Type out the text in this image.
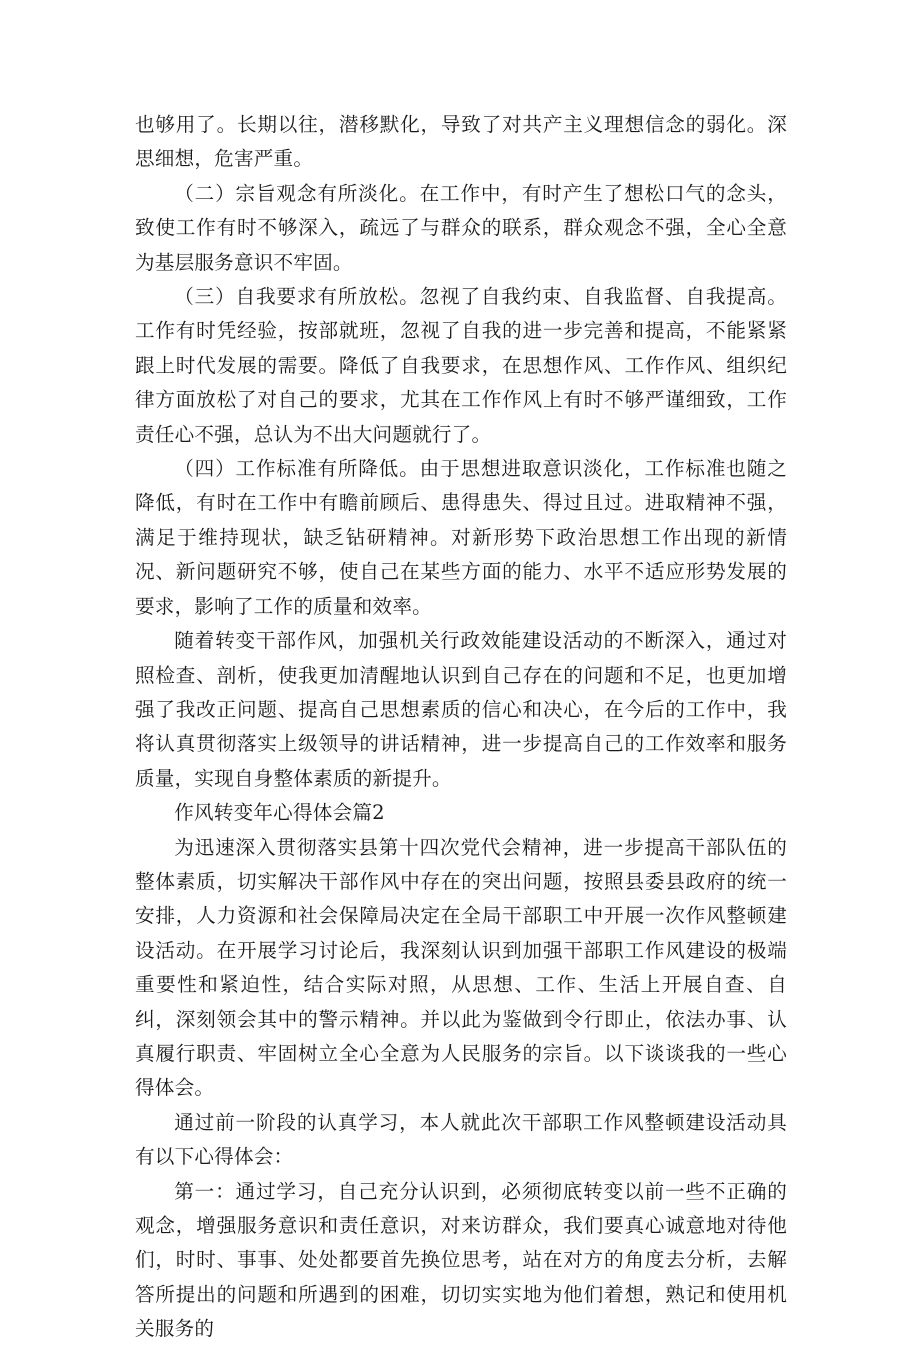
也够用了。长期以往，潜移默化，导致了对共产主义理想信念的弱化。深思细想，危害严重。

（二）宗旨观念有所淡化。在工作中，有时产生了想松口气的念头，致使工作有时不够深入，疏远了与群众的联系，群众观念不强，全心全意为基层服务意识不牢固。

（三）自我要求有所放松。忽视了自我约束、自我监督、自我提高。工作有时凭经验，按部就班，忽视了自我的进一步完善和提高，不能紧紧跟上时代发展的需要。降低了自我要求，在思想作风、工作作风、组织纪律方面放松了对自己的要求，尤其在工作作风上有时不够严谨细致，工作责任心不强，总认为不出大问题就行了。

（四）工作标准有所降低。由于思想进取意识淡化，工作标准也随之降低，有时在工作中有瞻前顾后、患得患失、得过且过。进取精神不强，满足于维持现状，缺乏钻研精神。对新形势下政治思想工作出现的新情况、新问题研究不够，使自己在某些方面的能力、水平不适应形势发展的要求，影响了工作的质量和效率。

随着转变干部作风，加强机关行政效能建设活动的不断深入，通过对照检查、剖析，使我更加清醒地认识到自己存在的问题和不足，也更加增强了我改正问题、提高自己思想素质的信心和决心，在今后的工作中，我将认真贯彻落实上级领导的讲话精神，进一步提高自己的工作效率和服务质量，实现自身整体素质的新提升。

作风转变年心得体会篇2

为迅速深入贯彻落实县第十四次党代会精神，进一步提高干部队伍的整体素质，切实解决干部作风中存在的突出问题，按照县委县政府的统一安排，人力资源和社会保障局决定在全局干部职工中开展一次作风整顿建设活动。在开展学习讨论后，我深刻认识到加强干部职工作风建设的极端重要性和紧迫性，结合实际对照，从思想、工作、生活上开展自查、自纠，深刻领会其中的警示精神。并以此为鉴做到令行即止，依法办事、认真履行职责、牢固树立全心全意为人民服务的宗旨。以下谈谈我的一些心得体会。

通过前一阶段的认真学习，本人就此次干部职工作风整顿建设活动具有以下心得体会：

第一：通过学习，自己充分认识到，必须彻底转变以前一些不正确的观念，增强服务意识和责任意识，对来访群众，我们要真心诚意地对待他们，时时、事事、处处都要首先换位思考，站在对方的角度去分析，去解答所提出的问题和所遇到的困难，切切实实地为他们着想，熟记和使用机关服务的
